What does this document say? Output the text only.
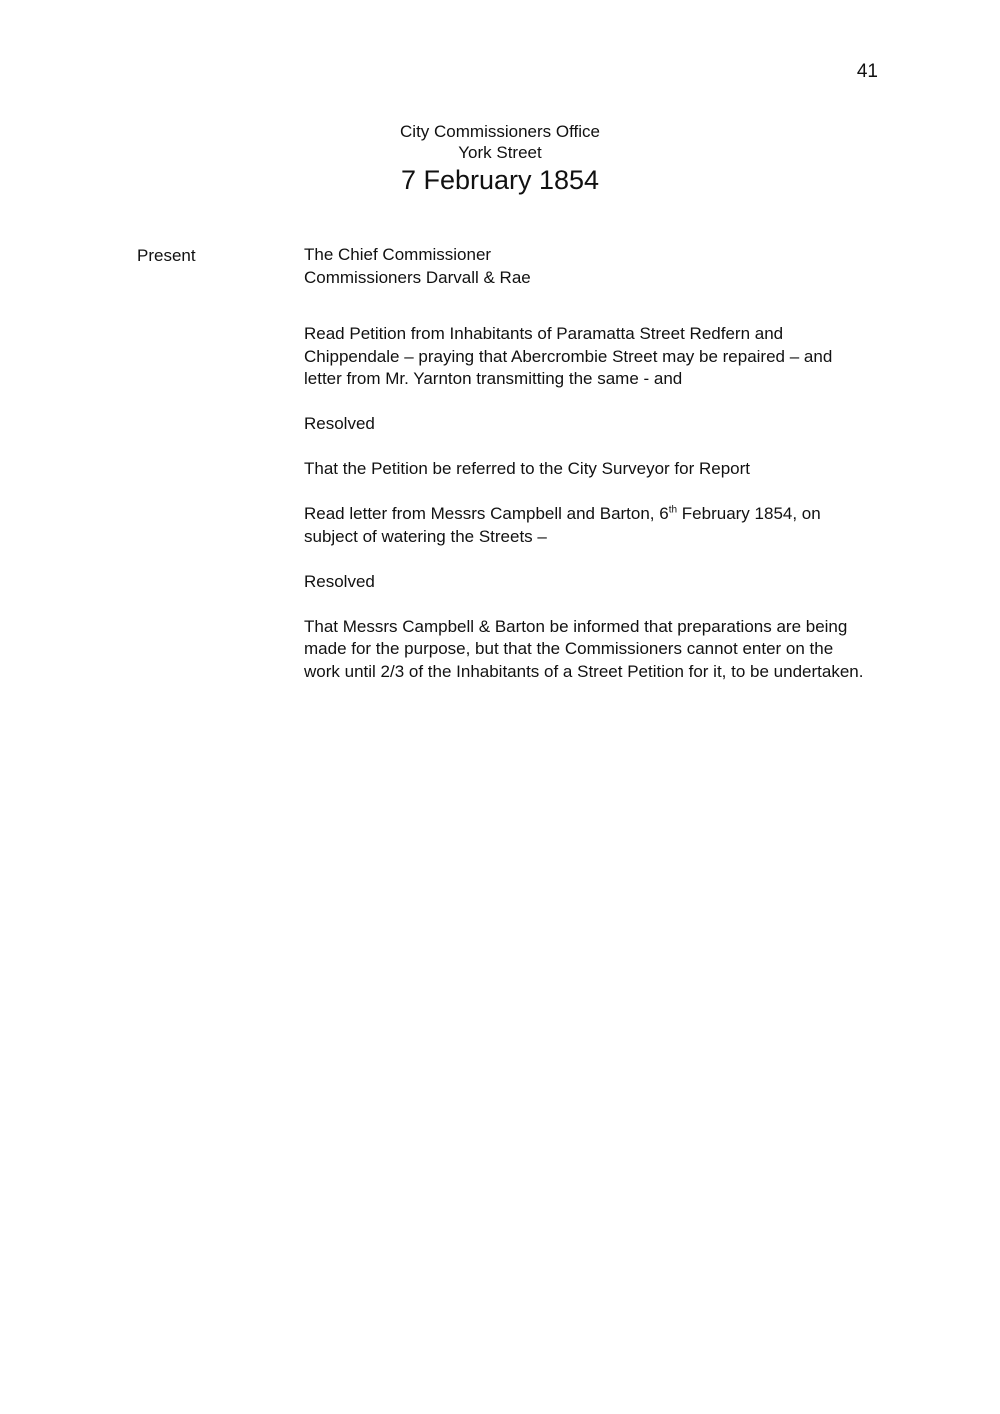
41
City Commissioners Office
York Street
7 February 1854
Present	The Chief Commissioner

Commissioners Darvall & Rae

Read Petition from Inhabitants of Paramatta Street Redfern and

Chippendale – praying that Abercrombie Street may be repaired – and

letter from Mr. Yarnton transmitting the same - and

Resolved

That the Petition be referred to the City Surveyor for Report

Read letter from Messrs Campbell and Barton, 6th February 1854, on

subject of watering the Streets –

Resolved

That Messrs Campbell & Barton be informed that preparations are being

made for the purpose, but that the Commissioners cannot enter on the

work until 2/3 of the Inhabitants of a Street Petition for it, to be undertaken.
